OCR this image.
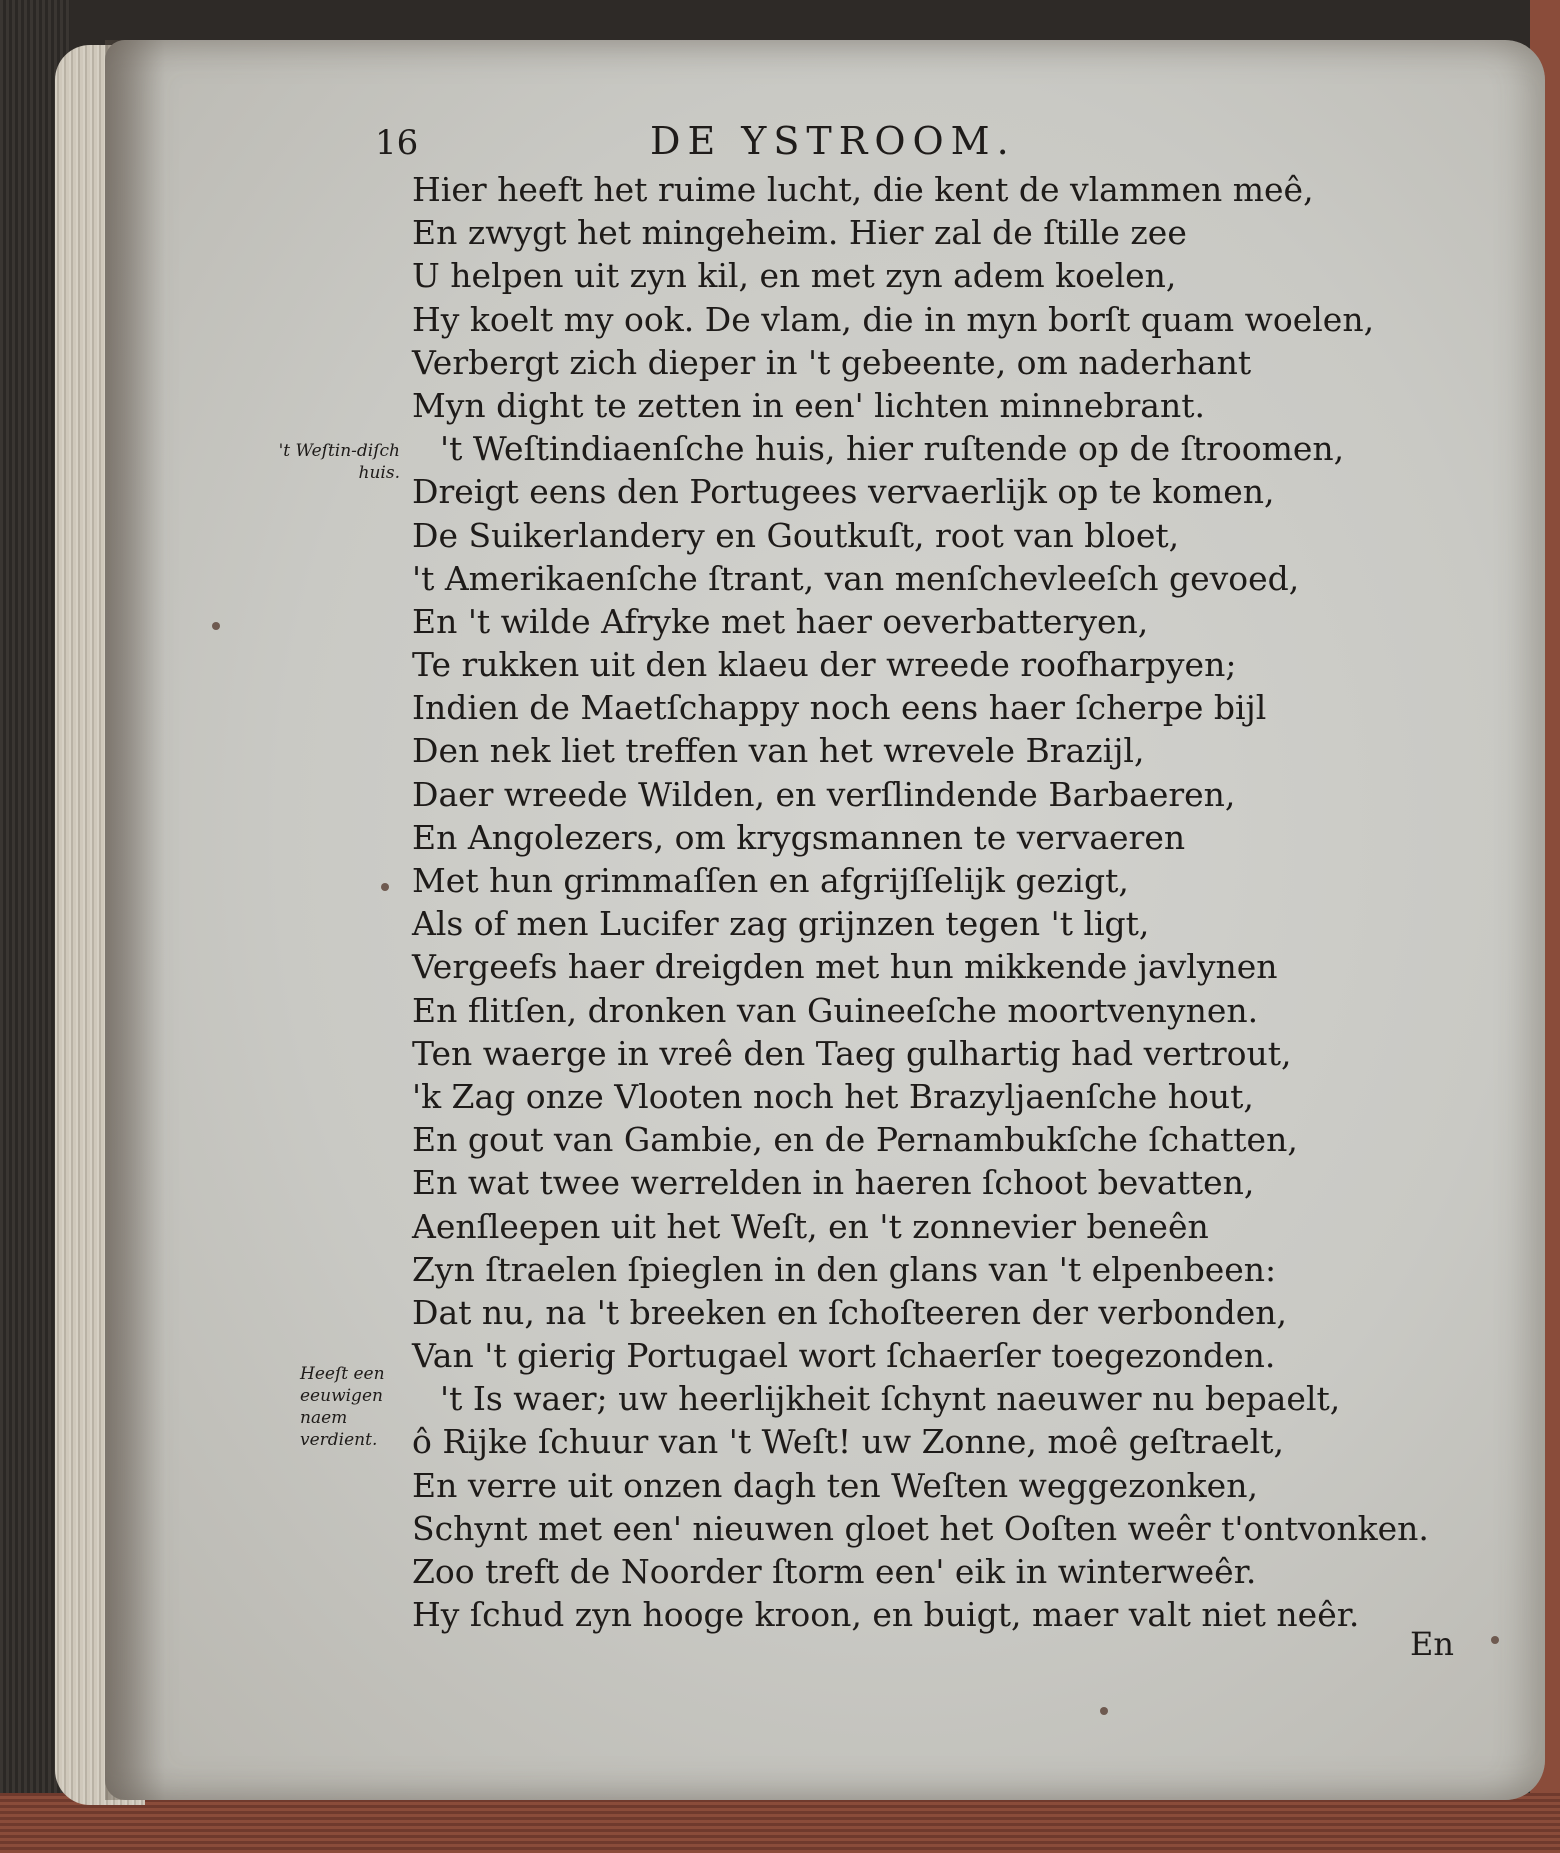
16	DE YSTROOM.
't Weſtin-diſch huis.
Heeſt een eeuwigen naem verdient.
Hier heeft het ruime lucht, die kent de vlammen meê,
En zwygt het mingeheim. Hier zal de ſtille zee
U helpen uit zyn kil, en met zyn adem koelen,
Hy koelt my ook. De vlam, die in myn borſt quam woelen,
Verbergt zich dieper in 't gebeente, om naderhant
Myn dight te zetten in een' lichten minnebrant.
't Weſtindiaenſche huis, hier ruſtende op de ſtroomen,
Dreigt eens den Portugees vervaerlijk op te komen,
De Suikerlandery en Goutkuſt, root van bloet,
't Amerikaenſche ſtrant, van menſchevleeſch gevoed,
En 't wilde Afryke met haer oeverbatteryen,
Te rukken uit den klaeu der wreede roofharpyen;
Indien de Maetſchappy noch eens haer ſcherpe bijl
Den nek liet treffen van het wrevele Brazijl,
Daer wreede Wilden, en verſlindende Barbaeren,
En Angolezers, om krygsmannen te vervaeren
Met hun grimmaſſen en afgrijſſelijk gezigt,
Als of men Lucifer zag grijnzen tegen 't ligt,
Vergeefs haer dreigden met hun mikkende javlynen
En flitſen, dronken van Guineeſche moortvenynen.
Ten waerge in vreê den Taeg gulhartig had vertrout,
'k Zag onze Vlooten noch het Brazyljaenſche hout,
En gout van Gambie, en de Pernambukſche ſchatten,
En wat twee werrelden in haeren ſchoot bevatten,
Aenſleepen uit het Weſt, en 't zonnevier beneên
Zyn ſtraelen ſpieglen in den glans van 't elpenbeen:
Dat nu, na 't breeken en ſchoſteeren der verbonden,
Van 't gierig Portugael wort ſchaerſer toegezonden.
't Is waer; uw heerlijkheit ſchynt naeuwer nu bepaelt,
ô Rijke ſchuur van 't Weſt! uw Zonne, moê geſtraelt,
En verre uit onzen dagh ten Weſten weggezonken,
Schynt met een' nieuwen gloet het Ooſten weêr t'ontvonken.
Zoo treft de Noorder ſtorm een' eik in winterweêr.
Hy ſchud zyn hooge kroon, en buigt, maer valt niet neêr.
En
